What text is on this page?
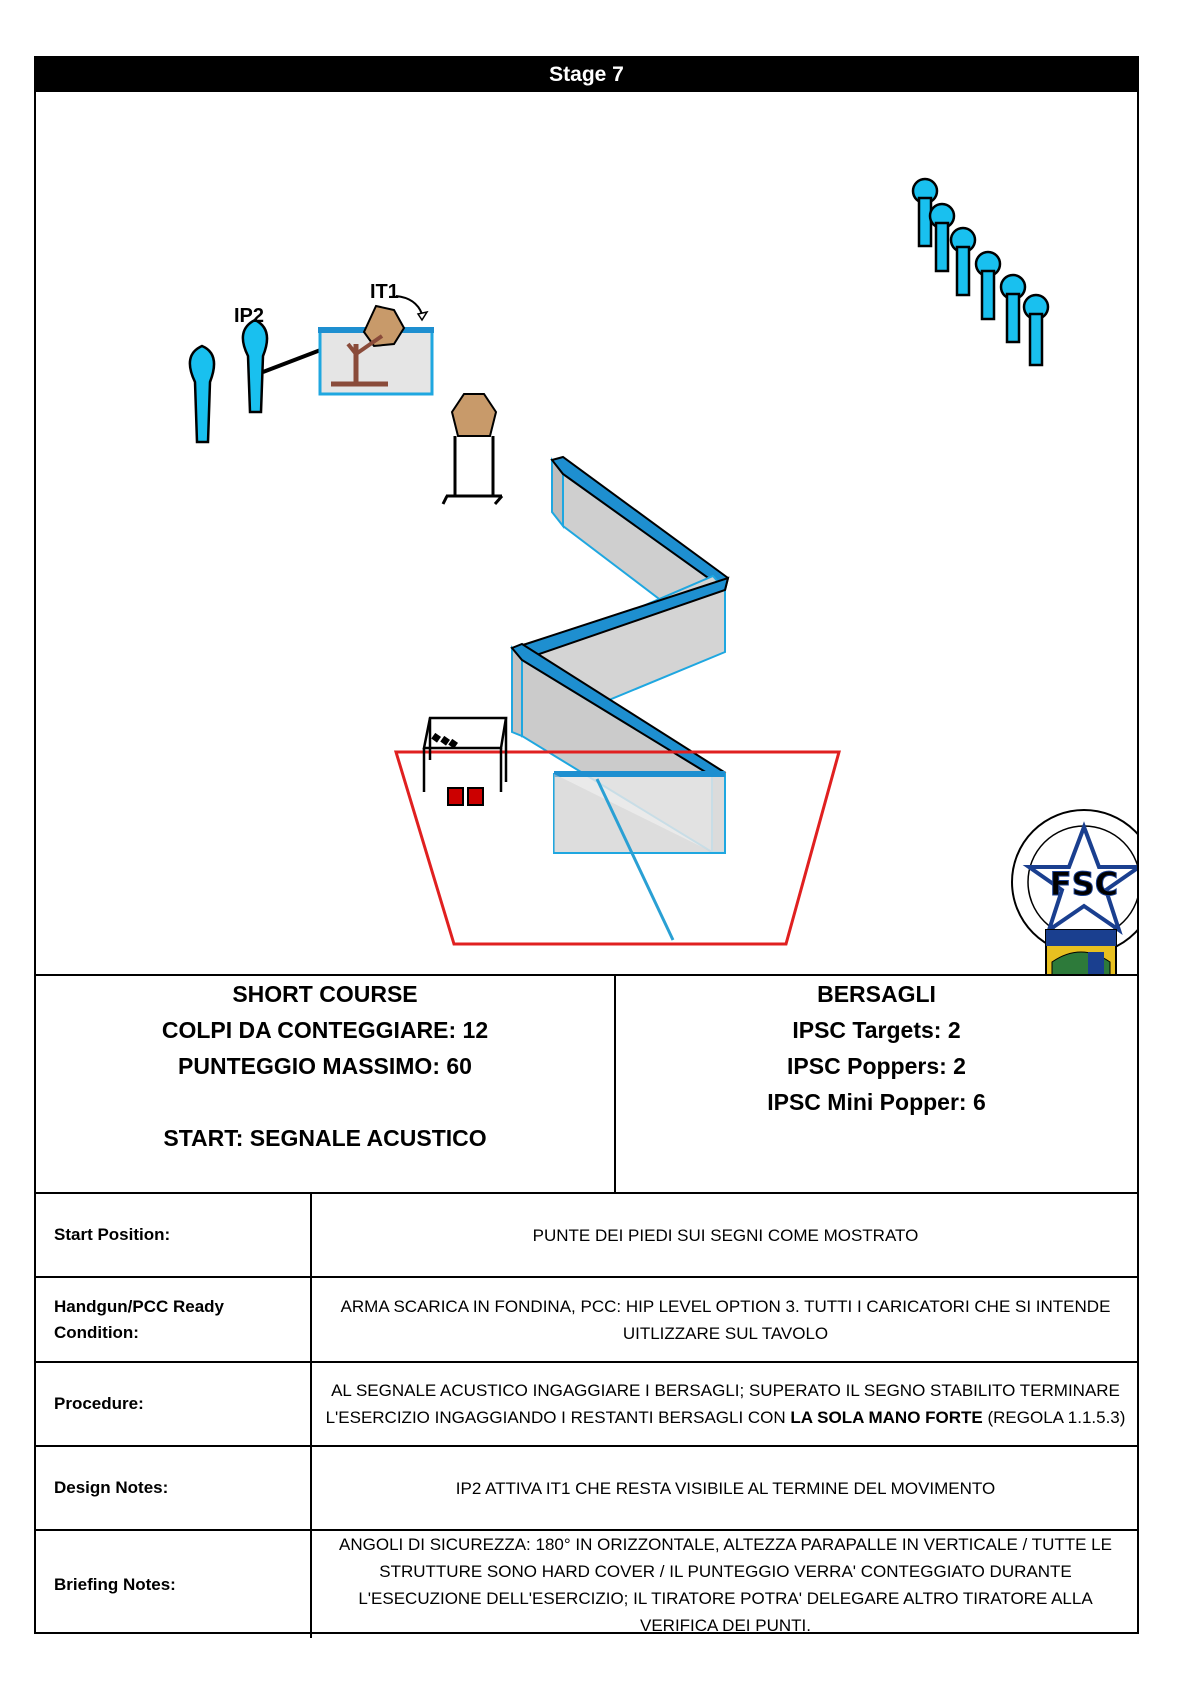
Stage 7
IP2
IT1
FSC
SHORT COURSE
COLPI DA CONTEGGIARE: 12
PUNTEGGIO MASSIMO: 60
START: SEGNALE ACUSTICO
BERSAGLI
IPSC Targets: 2
IPSC Poppers: 2
IPSC Mini Popper: 6
Start Position:	PUNTE DEI PIEDI SUI SEGNI COME MOSTRATO
Handgun/PCC Ready Condition:
ARMA SCARICA IN FONDINA, PCC: HIP LEVEL OPTION 3. TUTTI I CARICATORI CHE SI INTENDE UITLIZZARE SUL TAVOLO
Procedure:
AL SEGNALE ACUSTICO INGAGGIARE I BERSAGLI; SUPERATO IL SEGNO STABILITO TERMINARE L'ESERCIZIO INGAGGIANDO I RESTANTI BERSAGLI CON LA SOLA MANO FORTE (REGOLA 1.1.5.3)
Design Notes:	IP2 ATTIVA IT1 CHE RESTA VISIBILE AL TERMINE DEL MOVIMENTO
Briefing Notes:
ANGOLI DI SICUREZZA: 180° IN ORIZZONTALE, ALTEZZA PARAPALLE IN VERTICALE / TUTTE LE STRUTTURE SONO HARD COVER / IL PUNTEGGIO VERRA' CONTEGGIATO DURANTE L'ESECUZIONE DELL'ESERCIZIO; IL TIRATORE POTRA' DELEGARE ALTRO TIRATORE ALLA VERIFICA DEI PUNTI.
